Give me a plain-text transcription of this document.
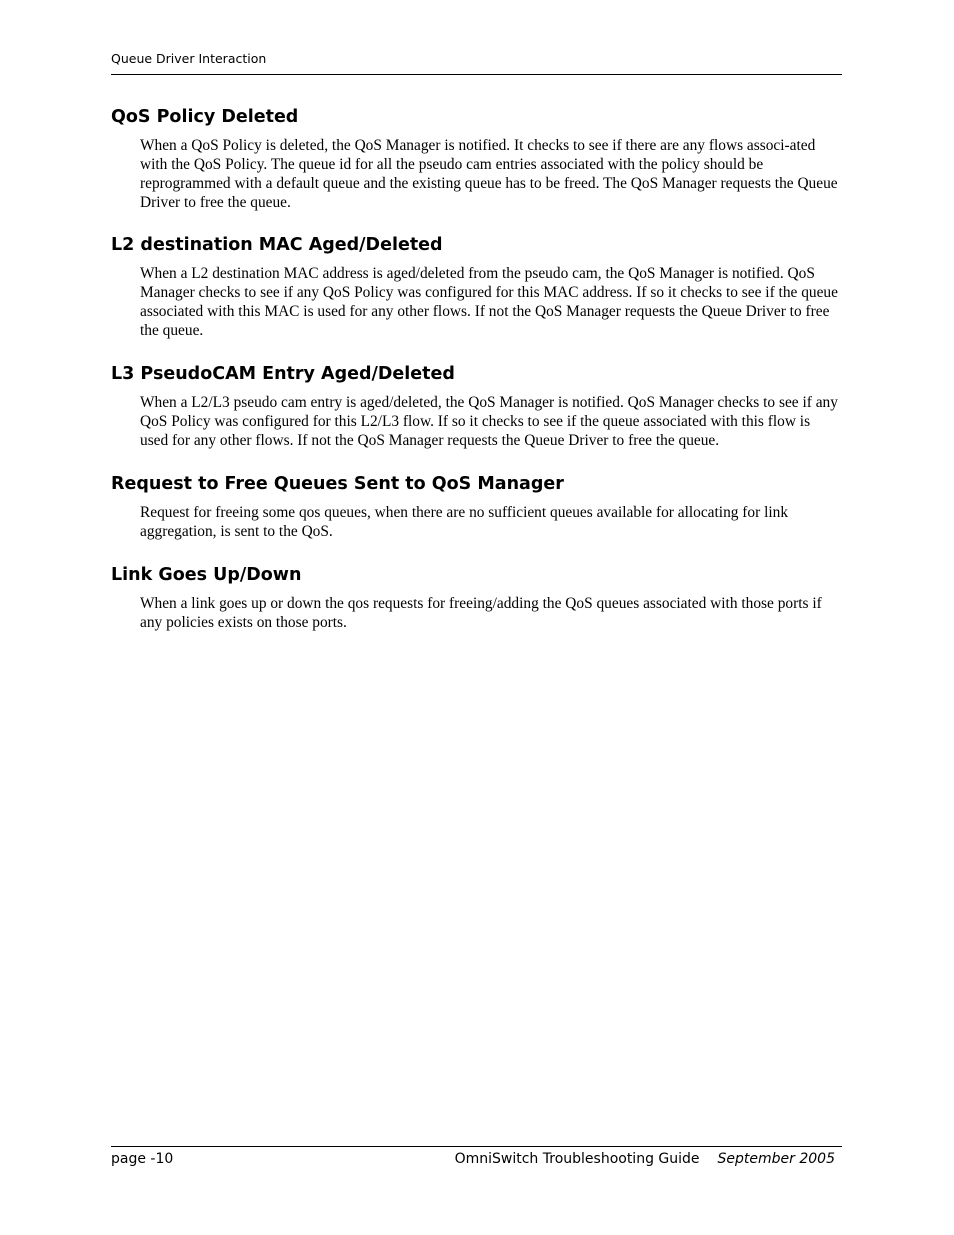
Queue Driver Interaction
QoS Policy Deleted

When a QoS Policy is deleted, the QoS Manager is notified. It checks to see if there are any flows associ-ated with the QoS Policy. The queue id for all the pseudo cam entries associated with the policy should be reprogrammed with a default queue and the existing queue has to be freed. The QoS Manager requests the Queue Driver to free the queue.

L2 destination MAC Aged/Deleted

When a L2 destination MAC address is aged/deleted from the pseudo cam, the QoS Manager is notified. QoS Manager checks to see if any QoS Policy was configured for this MAC address. If so it checks to see if the queue associated with this MAC is used for any other flows. If not the QoS Manager requests the Queue Driver to free the queue.

L3 PseudoCAM Entry Aged/Deleted

When a L2/L3 pseudo cam entry is aged/deleted, the QoS Manager is notified. QoS Manager checks to see if any QoS Policy was configured for this L2/L3 flow. If so it checks to see if the queue associated with this flow is used for any other flows. If not the QoS Manager requests the Queue Driver to free the queue.

Request to Free Queues Sent to QoS Manager

Request for freeing some qos queues, when there are no sufficient queues available for allocating for link aggregation, is sent to the QoS.

Link Goes Up/Down

When a link goes up or down the qos requests for freeing/adding the QoS queues associated with those ports if any policies exists on those ports.

page -10	OmniSwitch Troubleshooting Guide September 2005
